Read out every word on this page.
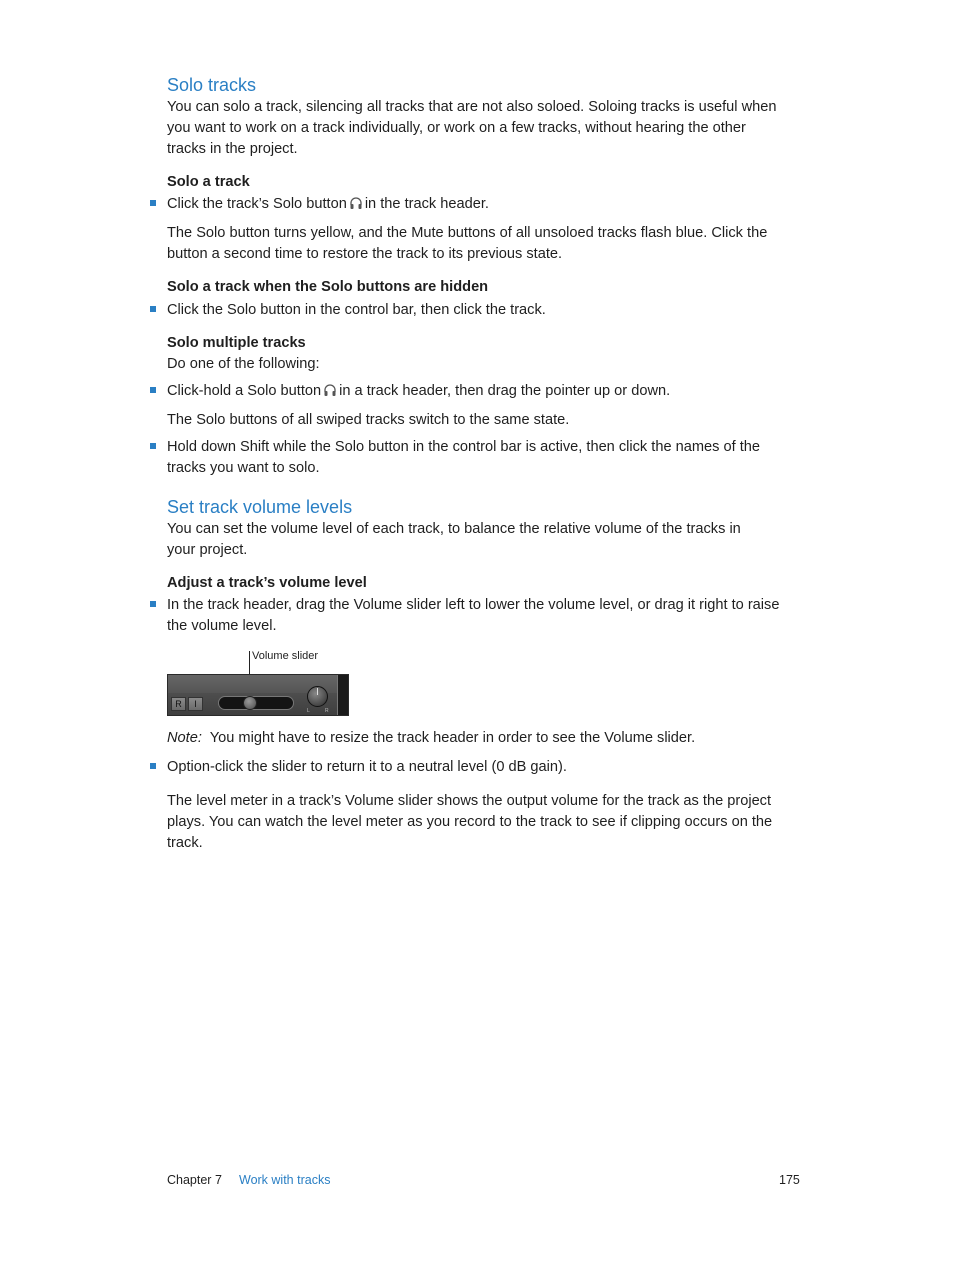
Solo tracks

You can solo a track, silencing all tracks that are not also soloed. Soloing tracks is useful when you want to work on a track individually, or work on a few tracks, without hearing the other tracks in the project.

Solo a track

Click the track’s Solo button in the track header.

The Solo button turns yellow, and the Mute buttons of all unsoloed tracks flash blue. Click the button a second time to restore the track to its previous state.

Solo a track when the Solo buttons are hidden

Click the Solo button in the control bar, then click the track.

Solo multiple tracks

Do one of the following:

Click-hold a Solo button in a track header, then drag the pointer up or down.

The Solo buttons of all swiped tracks switch to the same state.

Hold down Shift while the Solo button in the control bar is active, then click the names of the tracks you want to solo.

Set track volume levels

You can set the volume level of each track, to balance the relative volume of the tracks in your project.

Adjust a track’s volume level

In the track header, drag the Volume slider left to lower the volume level, or drag it right to raise the volume level.

Volume slider
R	I
L	R

Note: You might have to resize the track header in order to see the Volume slider.

Option-click the slider to return it to a neutral level (0 dB gain).

The level meter in a track’s Volume slider shows the output volume for the track as the project plays. You can watch the level meter as you record to the track to see if clipping occurs on the track.

Chapter 7 Work with tracks	175
